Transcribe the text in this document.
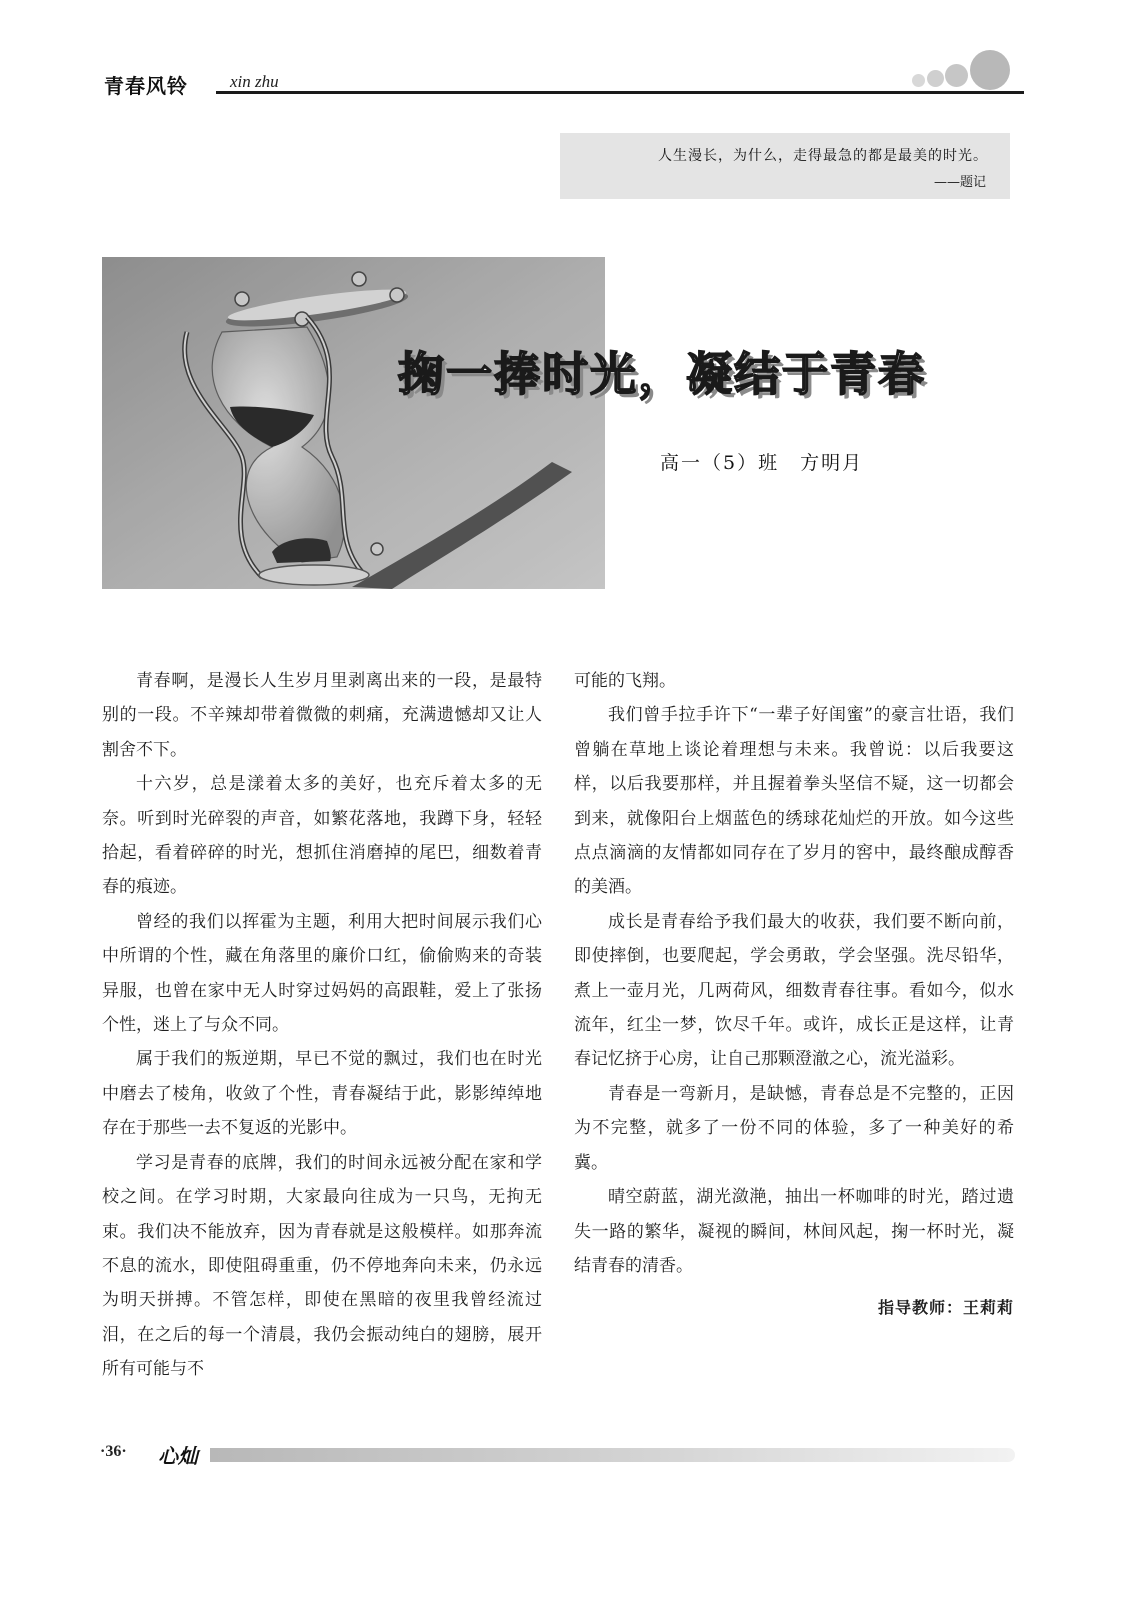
青春风铃 xin zhu
人生漫长，为什么，走得最急的都是最美的时光。
——题记
掬一捧时光，凝结于青春
高一（5）班　方明月

青春啊，是漫长人生岁月里剥离出来的一段，是最特别的一段。不辛辣却带着微微的刺痛，充满遗憾却又让人割舍不下。

十六岁，总是漾着太多的美好，也充斥着太多的无奈。听到时光碎裂的声音，如繁花落地，我蹲下身，轻轻拾起，看着碎碎的时光，想抓住消磨掉的尾巴，细数着青春的痕迹。

曾经的我们以挥霍为主题，利用大把时间展示我们心中所谓的个性，藏在角落里的廉价口红，偷偷购来的奇装异服，也曾在家中无人时穿过妈妈的高跟鞋，爱上了张扬个性，迷上了与众不同。

属于我们的叛逆期，早已不觉的飘过，我们也在时光中磨去了棱角，收敛了个性，青春凝结于此，影影绰绰地存在于那些一去不复返的光影中。

学习是青春的底牌，我们的时间永远被分配在家和学校之间。在学习时期，大家最向往成为一只鸟，无拘无束。我们决不能放弃，因为青春就是这般模样。如那奔流不息的流水，即使阻碍重重，仍不停地奔向未来，仍永远为明天拼搏。不管怎样，即使在黑暗的夜里我曾经流过泪，在之后的每一个清晨，我仍会振动纯白的翅膀，展开所有可能与不

可能的飞翔。

我们曾手拉手许下“一辈子好闺蜜”的豪言壮语，我们曾躺在草地上谈论着理想与未来。我曾说：以后我要这样，以后我要那样，并且握着拳头坚信不疑，这一切都会到来，就像阳台上烟蓝色的绣球花灿烂的开放。如今这些点点滴滴的友情都如同存在了岁月的窖中，最终酿成醇香的美酒。

成长是青春给予我们最大的收获，我们要不断向前，即使摔倒，也要爬起，学会勇敢，学会坚强。洗尽铅华，煮上一壶月光，几两荷风，细数青春往事。看如今，似水流年，红尘一梦，饮尽千年。或许，成长正是这样，让青春记忆挤于心房，让自己那颗澄澈之心，流光溢彩。

青春是一弯新月，是缺憾，青春总是不完整的，正因为不完整，就多了一份不同的体验，多了一种美好的希冀。

晴空蔚蓝，湖光潋滟，抽出一杯咖啡的时光，踏过遗失一路的繁华，凝视的瞬间，林间风起，掬一杯时光，凝结青春的清香。

指导教师：王莉莉
·36· 心灿
